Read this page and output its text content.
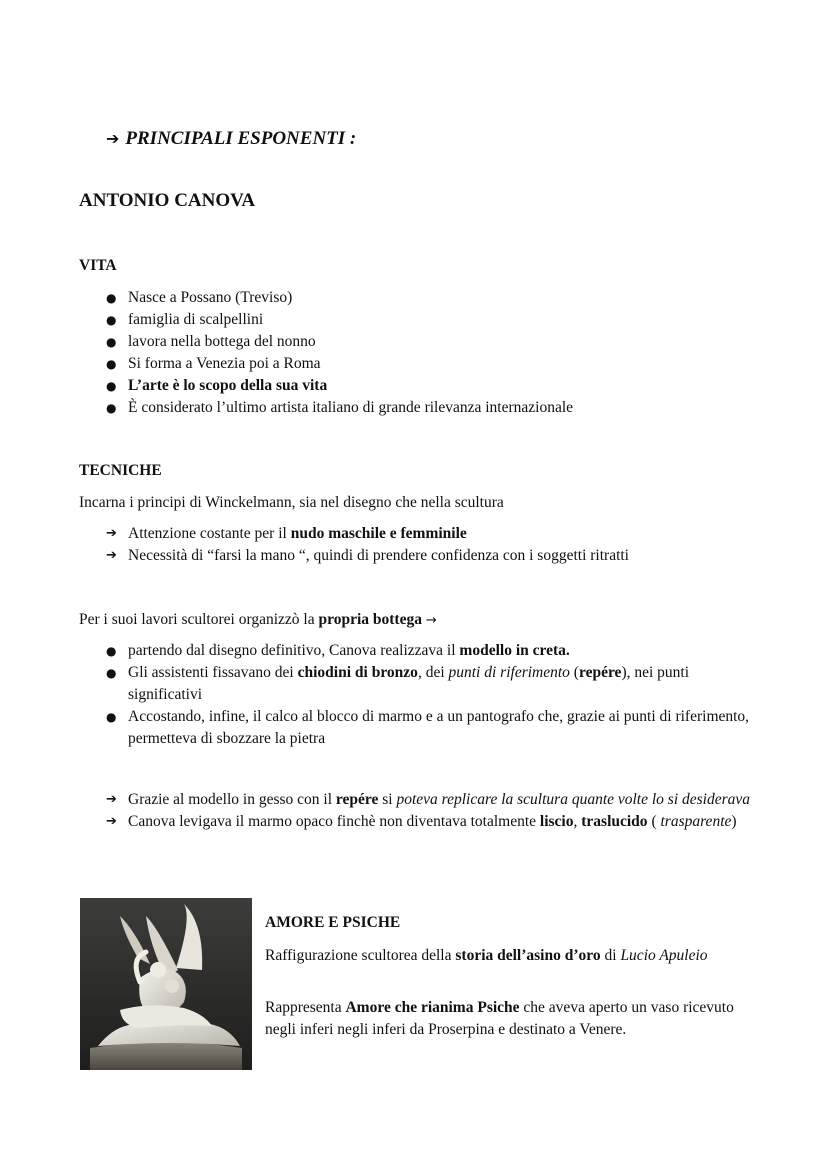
➔ PRINCIPALI ESPONENTI :
ANTONIO CANOVA
VITA
● Nasce a Possano (Treviso)
● famiglia di scalpellini
● lavora nella bottega del nonno
● Si forma a Venezia poi a Roma
● L’arte è lo scopo della sua vita
● È considerato l’ultimo artista italiano di grande rilevanza internazionale
TECNICHE
Incarna i principi di Winckelmann, sia nel disegno che nella scultura
➔ Attenzione costante per il nudo maschile e femminile
➔ Necessità di “farsi la mano “, quindi di prendere confidenza con i soggetti ritratti
Per i suoi lavori scultorei organizzò la propria bottega →
● partendo dal disegno definitivo, Canova realizzava il modello in creta.
● Gli assistenti fissavano dei chiodini di bronzo, dei punti di riferimento (repére), nei punti significativi
● Accostando, infine, il calco al blocco di marmo e a un pantografo che, grazie ai punti di riferimento, permetteva di sbozzare la pietra
➔ Grazie al modello in gesso con il repére si poteva replicare la scultura quante volte lo si desiderava
➔ Canova levigava il marmo opaco finchè non diventava totalmente liscio, traslucido ( trasparente)
AMORE E PSICHE
Raffigurazione scultorea della storia dell’asino d’oro di Lucio Apuleio
Rappresenta Amore che rianima Psiche che aveva aperto un vaso ricevuto negli inferi negli inferi da Proserpina e destinato a Venere.
